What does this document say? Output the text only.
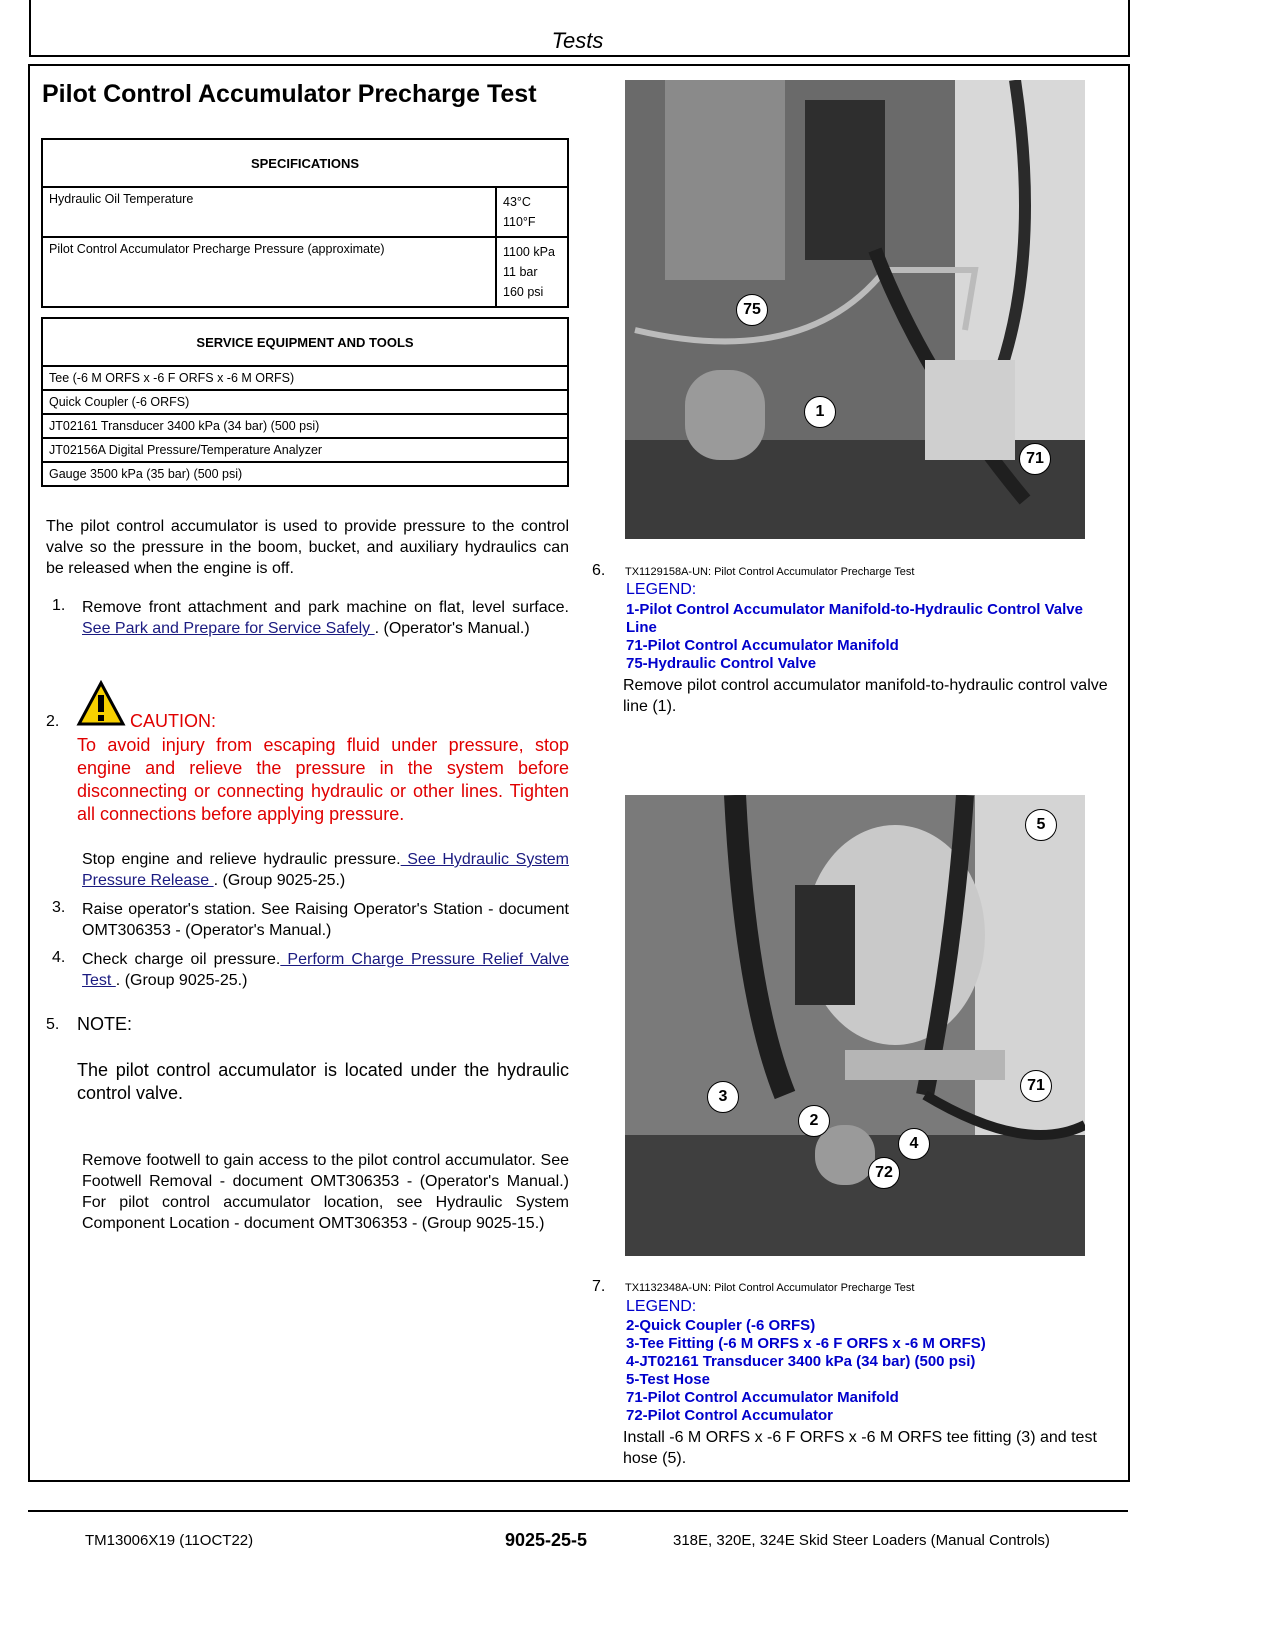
Tests
Pilot Control Accumulator Precharge Test
SPECIFICATIONS	
Hydraulic Oil Temperature	43°C
110°F

Pilot Control Accumulator Precharge Pressure (approximate)	1100 kPa
11 bar
160 psi
SERVICE EQUIPMENT AND TOOLS
Tee (-6 M ORFS x -6 F ORFS x -6 M ORFS)
Quick Coupler (-6 ORFS)
JT02161 Transducer 3400 kPa (34 bar) (500 psi)
JT02156A Digital Pressure/Temperature Analyzer
Gauge 3500 kPa (35 bar) (500 psi)
The pilot control accumulator is used to provide pressure to the control valve so the pressure in the boom, bucket, and auxiliary hydraulics can be released when the engine is off.
1. Remove front attachment and park machine on flat, level surface. See Park and Prepare for Service Safely . (Operator's Manual.)
2.	CAUTION:
To avoid injury from escaping fluid under pressure, stop engine and relieve the pressure in the system before disconnecting or connecting hydraulic or other lines. Tighten all connections before applying pressure.
Stop engine and relieve hydraulic pressure. See Hydraulic System Pressure Release . (Group 9025-25.)
3. Raise operator's station. See Raising Operator's Station - document OMT306353 - (Operator's Manual.)
4. Check charge oil pressure. Perform Charge Pressure Relief Valve Test . (Group 9025-25.)
5. NOTE:
The pilot control accumulator is located under the hydraulic control valve.
Remove footwell to gain access to the pilot control accumulator. See Footwell Removal - document OMT306353 - (Operator's Manual.) For pilot control accumulator location, see Hydraulic System Component Location - document OMT306353 - (Group 9025-15.)
75
1
71
6. TX1129158A-UN: Pilot Control Accumulator Precharge Test
LEGEND:
1-Pilot Control Accumulator Manifold-to-Hydraulic Control Valve Line
71-Pilot Control Accumulator Manifold
75-Hydraulic Control Valve
Remove pilot control accumulator manifold-to-hydraulic control valve line (1).
5
71
3
2
4
72
7. TX1132348A-UN: Pilot Control Accumulator Precharge Test
LEGEND:
2-Quick Coupler (-6 ORFS)
3-Tee Fitting (-6 M ORFS x -6 F ORFS x -6 M ORFS)
4-JT02161 Transducer 3400 kPa (34 bar) (500 psi)
5-Test Hose
71-Pilot Control Accumulator Manifold
72-Pilot Control Accumulator
Install -6 M ORFS x -6 F ORFS x -6 M ORFS tee fitting (3) and test hose (5).
TM13006X19 (11OCT22)	9025-25-5	318E, 320E, 324E Skid Steer Loaders (Manual Controls)
